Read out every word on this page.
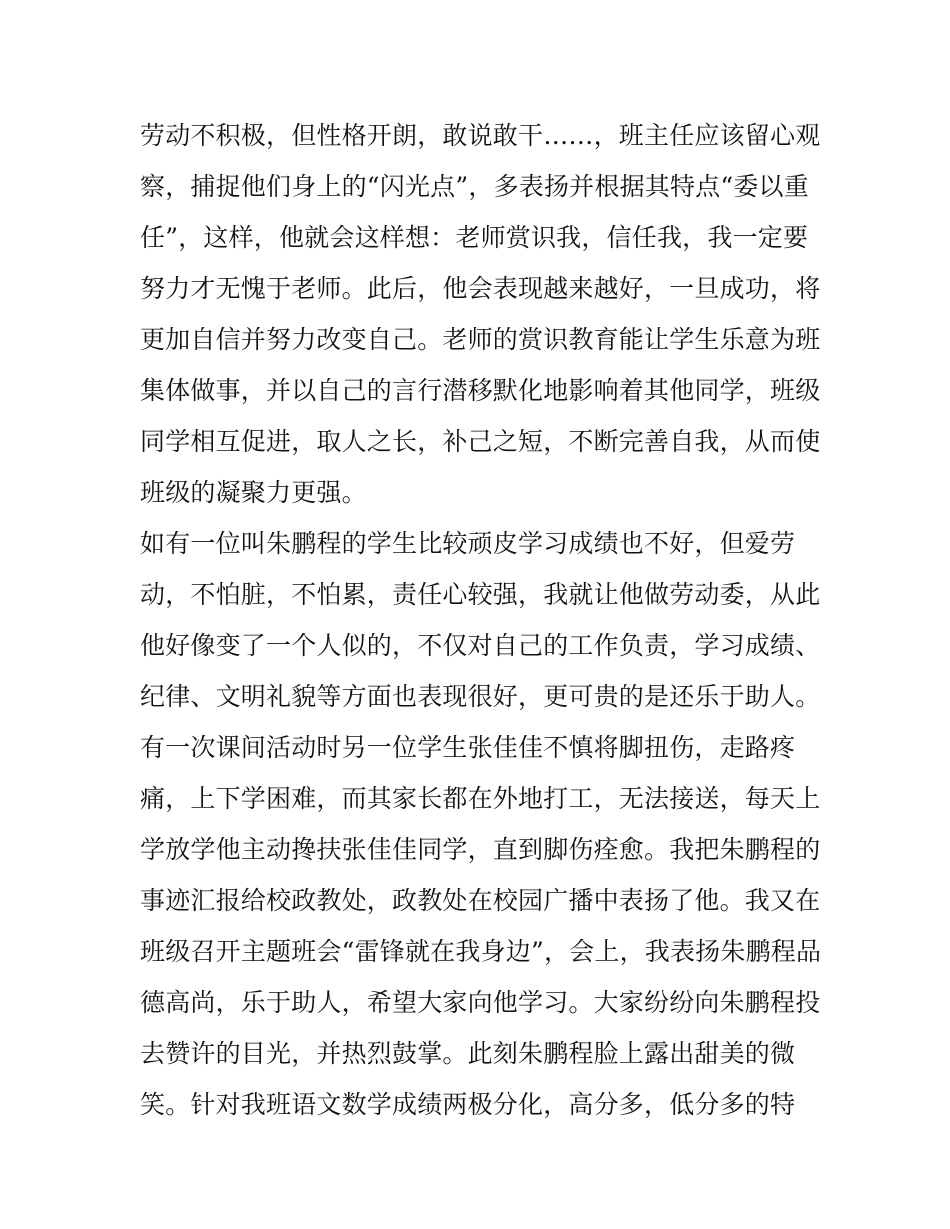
劳动不积极，但性格开朗，敢说敢干……，班主任应该留心观
察，捕捉他们身上的“闪光点”，多表扬并根据其特点“委以重
任”，这样，他就会这样想：老师赏识我，信任我，我一定要
努力才无愧于老师。此后，他会表现越来越好，一旦成功，将
更加自信并努力改变自己。老师的赏识教育能让学生乐意为班
集体做事，并以自己的言行潜移默化地影响着其他同学，班级
同学相互促进，取人之长，补己之短，不断完善自我，从而使
班级的凝聚力更强。
如有一位叫朱鹏程的学生比较顽皮学习成绩也不好，但爱劳
动，不怕脏，不怕累，责任心较强，我就让他做劳动委，从此
他好像变了一个人似的，不仅对自己的工作负责，学习成绩、
纪律、文明礼貌等方面也表现很好，更可贵的是还乐于助人。
有一次课间活动时另一位学生张佳佳不慎将脚扭伤，走路疼
痛，上下学困难，而其家长都在外地打工，无法接送，每天上
学放学他主动搀扶张佳佳同学，直到脚伤痊愈。我把朱鹏程的
事迹汇报给校政教处，政教处在校园广播中表扬了他。我又在
班级召开主题班会“雷锋就在我身边”，会上，我表扬朱鹏程品
德高尚，乐于助人，希望大家向他学习。大家纷纷向朱鹏程投
去赞许的目光，并热烈鼓掌。此刻朱鹏程脸上露出甜美的微
笑。针对我班语文数学成绩两极分化，高分多，低分多的特
